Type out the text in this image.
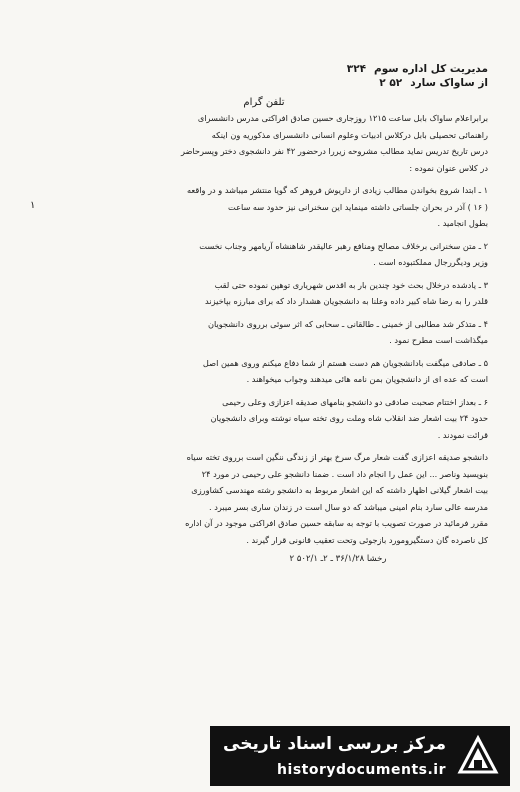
مدیریت کل اداره سوم
۳۲۴
از ساواک سارد
۵۲ ۲
تلفن گرام
برابراعلام ساواک بابل ساعت ۱۲۱۵ روزجاری حسین صادق افراکتی مدرس دانشسرای
راهنمائی تحصیلی بابل درکلاس ادبیات وعلوم انسانی دانشسرای مذکوریه ون اینکه
درس تاریخ تدریس نماید مطالب مشروحه زیررا درحضور ۴۲ نفر دانشجوی دختر وپسرحاضر
در کلاس عنوان نموده :
۱ ـ ابتدا شروع بخواندن مطالب زیادی از داریوش فروهر که گویا منتشر میباشد و در واقعه
( ۱۶ ) آذر در بحران جلساتی داشته مینماید این سخنرانی نیز حدود سه ساعت
بطول انجامید .
۲ ـ متن سخنرانی برخلاف مصالح ومنافع رهبر عالیقدر شاهنشاه آریامهر وجناب نخست
وزیر ودیگررجال مملکتبوده است .
۳ ـ یادشده درخلال بحث خود چندین بار به اقدس شهریاری توهین نموده حتی لقب
قلدر را به رضا شاه کبیر داده وعلنا به دانشجویان هشدار داد که برای مبارزه بپاخیزند
۴ ـ متذکر شد مطالبی از خمینی ـ طالقانی ـ سحابی که اثر سوئی برروی دانشجویان
میگذاشت است مطرح نمود .
۵ ـ صادقی میگفت بادانشجویان هم دست هستم از شما دفاع میکنم وروی همین اصل
است که عده ای از دانشجویان بمن نامه هائی میدهند وجواب میخواهند .
۶ ـ بعداز اختتام صحبت صادقی دو دانشجو بنامهای صدیقه اعزازی وعلی رحیمی
حدود ۲۴ بیت اشعار ضد انقلاب شاه وملت روی تخته سیاه نوشته وبرای دانشجویان
قرائت نمودند .
دانشجو صدیقه اعزازی گفت شعار مرگ سرخ بهتر از زندگی ننگین است برروی تخته سیاه
بنویسید وناصر ... این عمل را انجام داد است . ضمنا دانشجو علی رحیمی در مورد ۲۴
بیت اشعار گیلانی اظهار داشته که این اشعار مربوط به دانشجو رشته مهندسی کشاورزی
مدرسه عالی سارد بنام امینی میباشد که دو سال است در زندان ساری بسر میبرد .
مقرر فرمائید در صورت تصویب با توجه به سابقه حسین صادق افراکتی موجود در آن اداره
کل ناصرده گان دستگیرومورد بازجوئی وتحت تعقیب قانونی قرار گیرند .
رخشا ۳۶/۱/۲۸ ـ ۲ـ ۵۰۲/۱ ۲
۱
مرکز بررسی اسناد تاریخی
historydocuments.ir
